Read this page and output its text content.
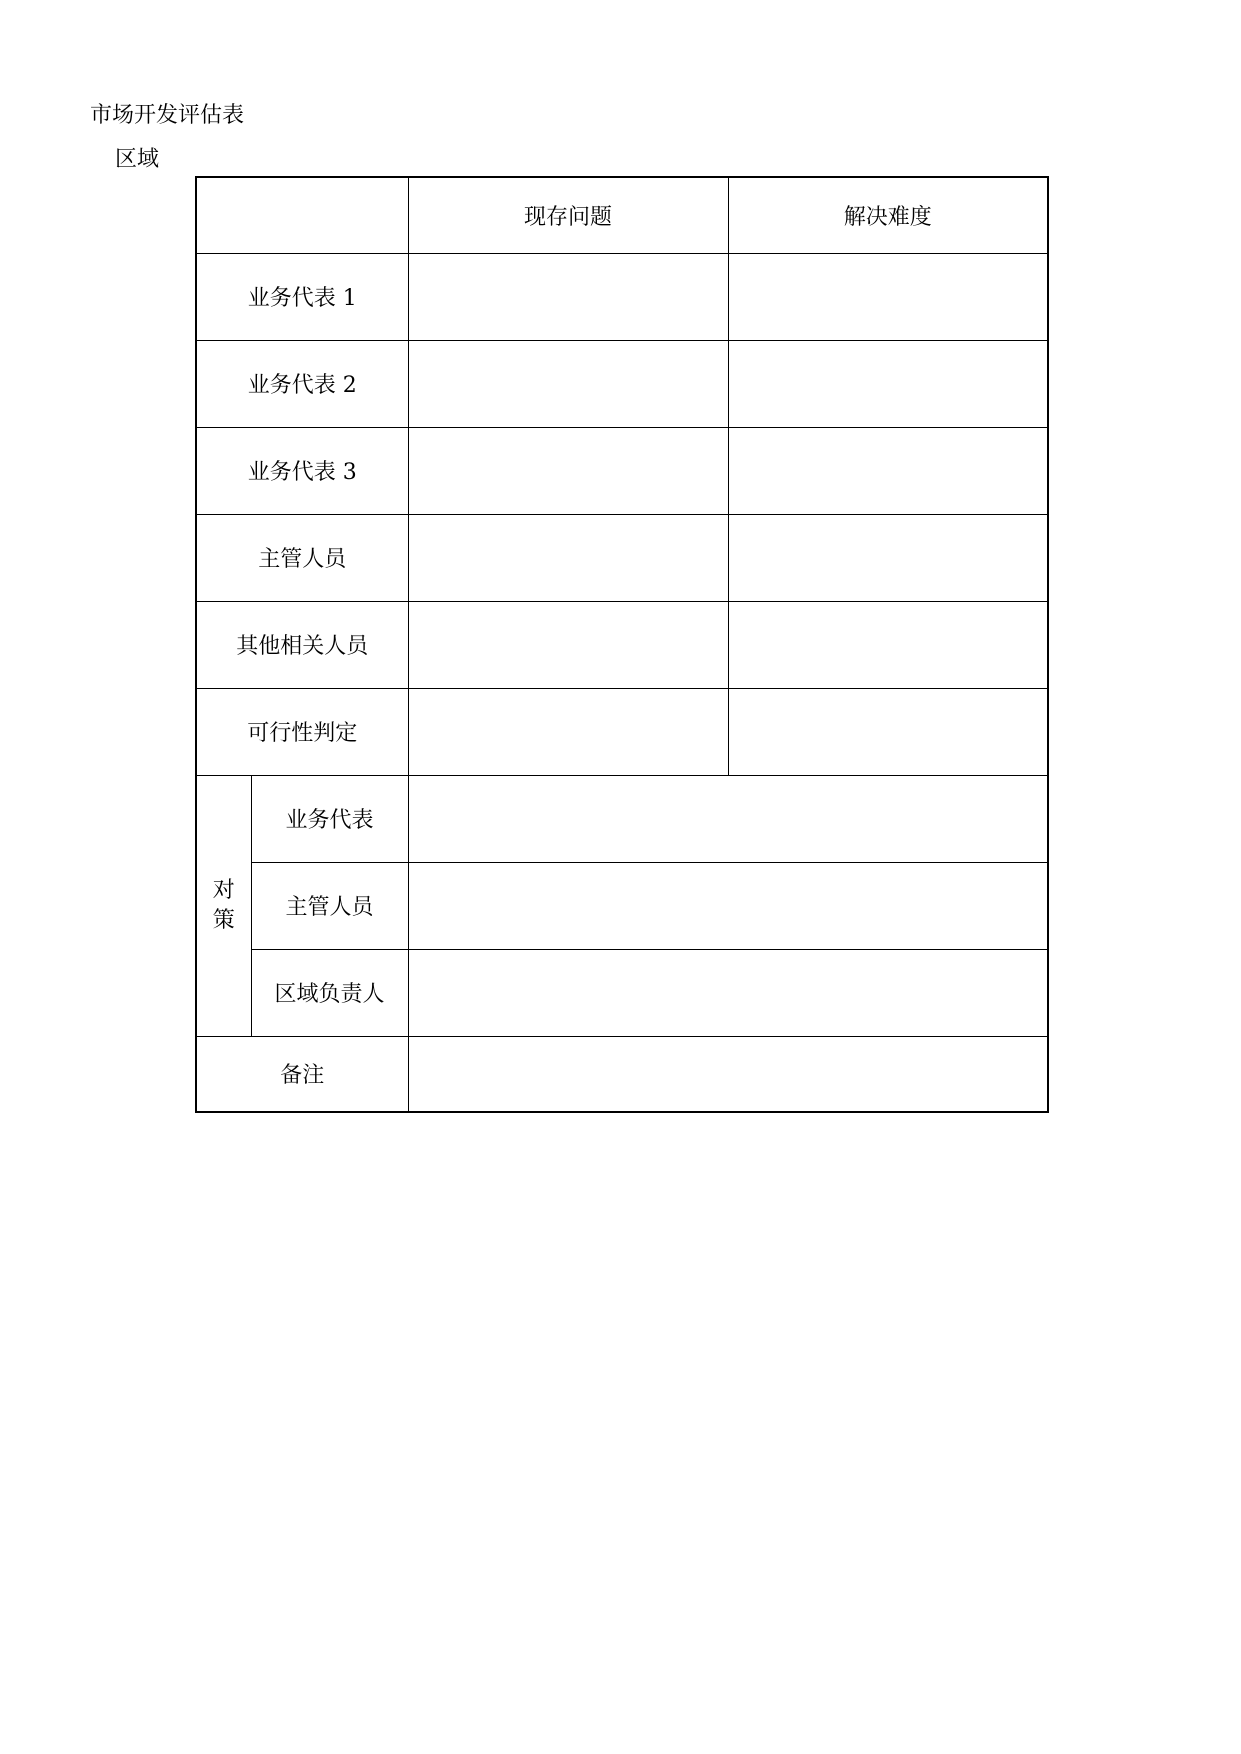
市场开发评估表
区域
		现存问题	解决难度
业务代表 1			
业务代表 2			
业务代表 3			
主管人员			
其他相关人员			
可行性判定			
对策	业务代表		
	主管人员		
	区域负责人		
备注			
